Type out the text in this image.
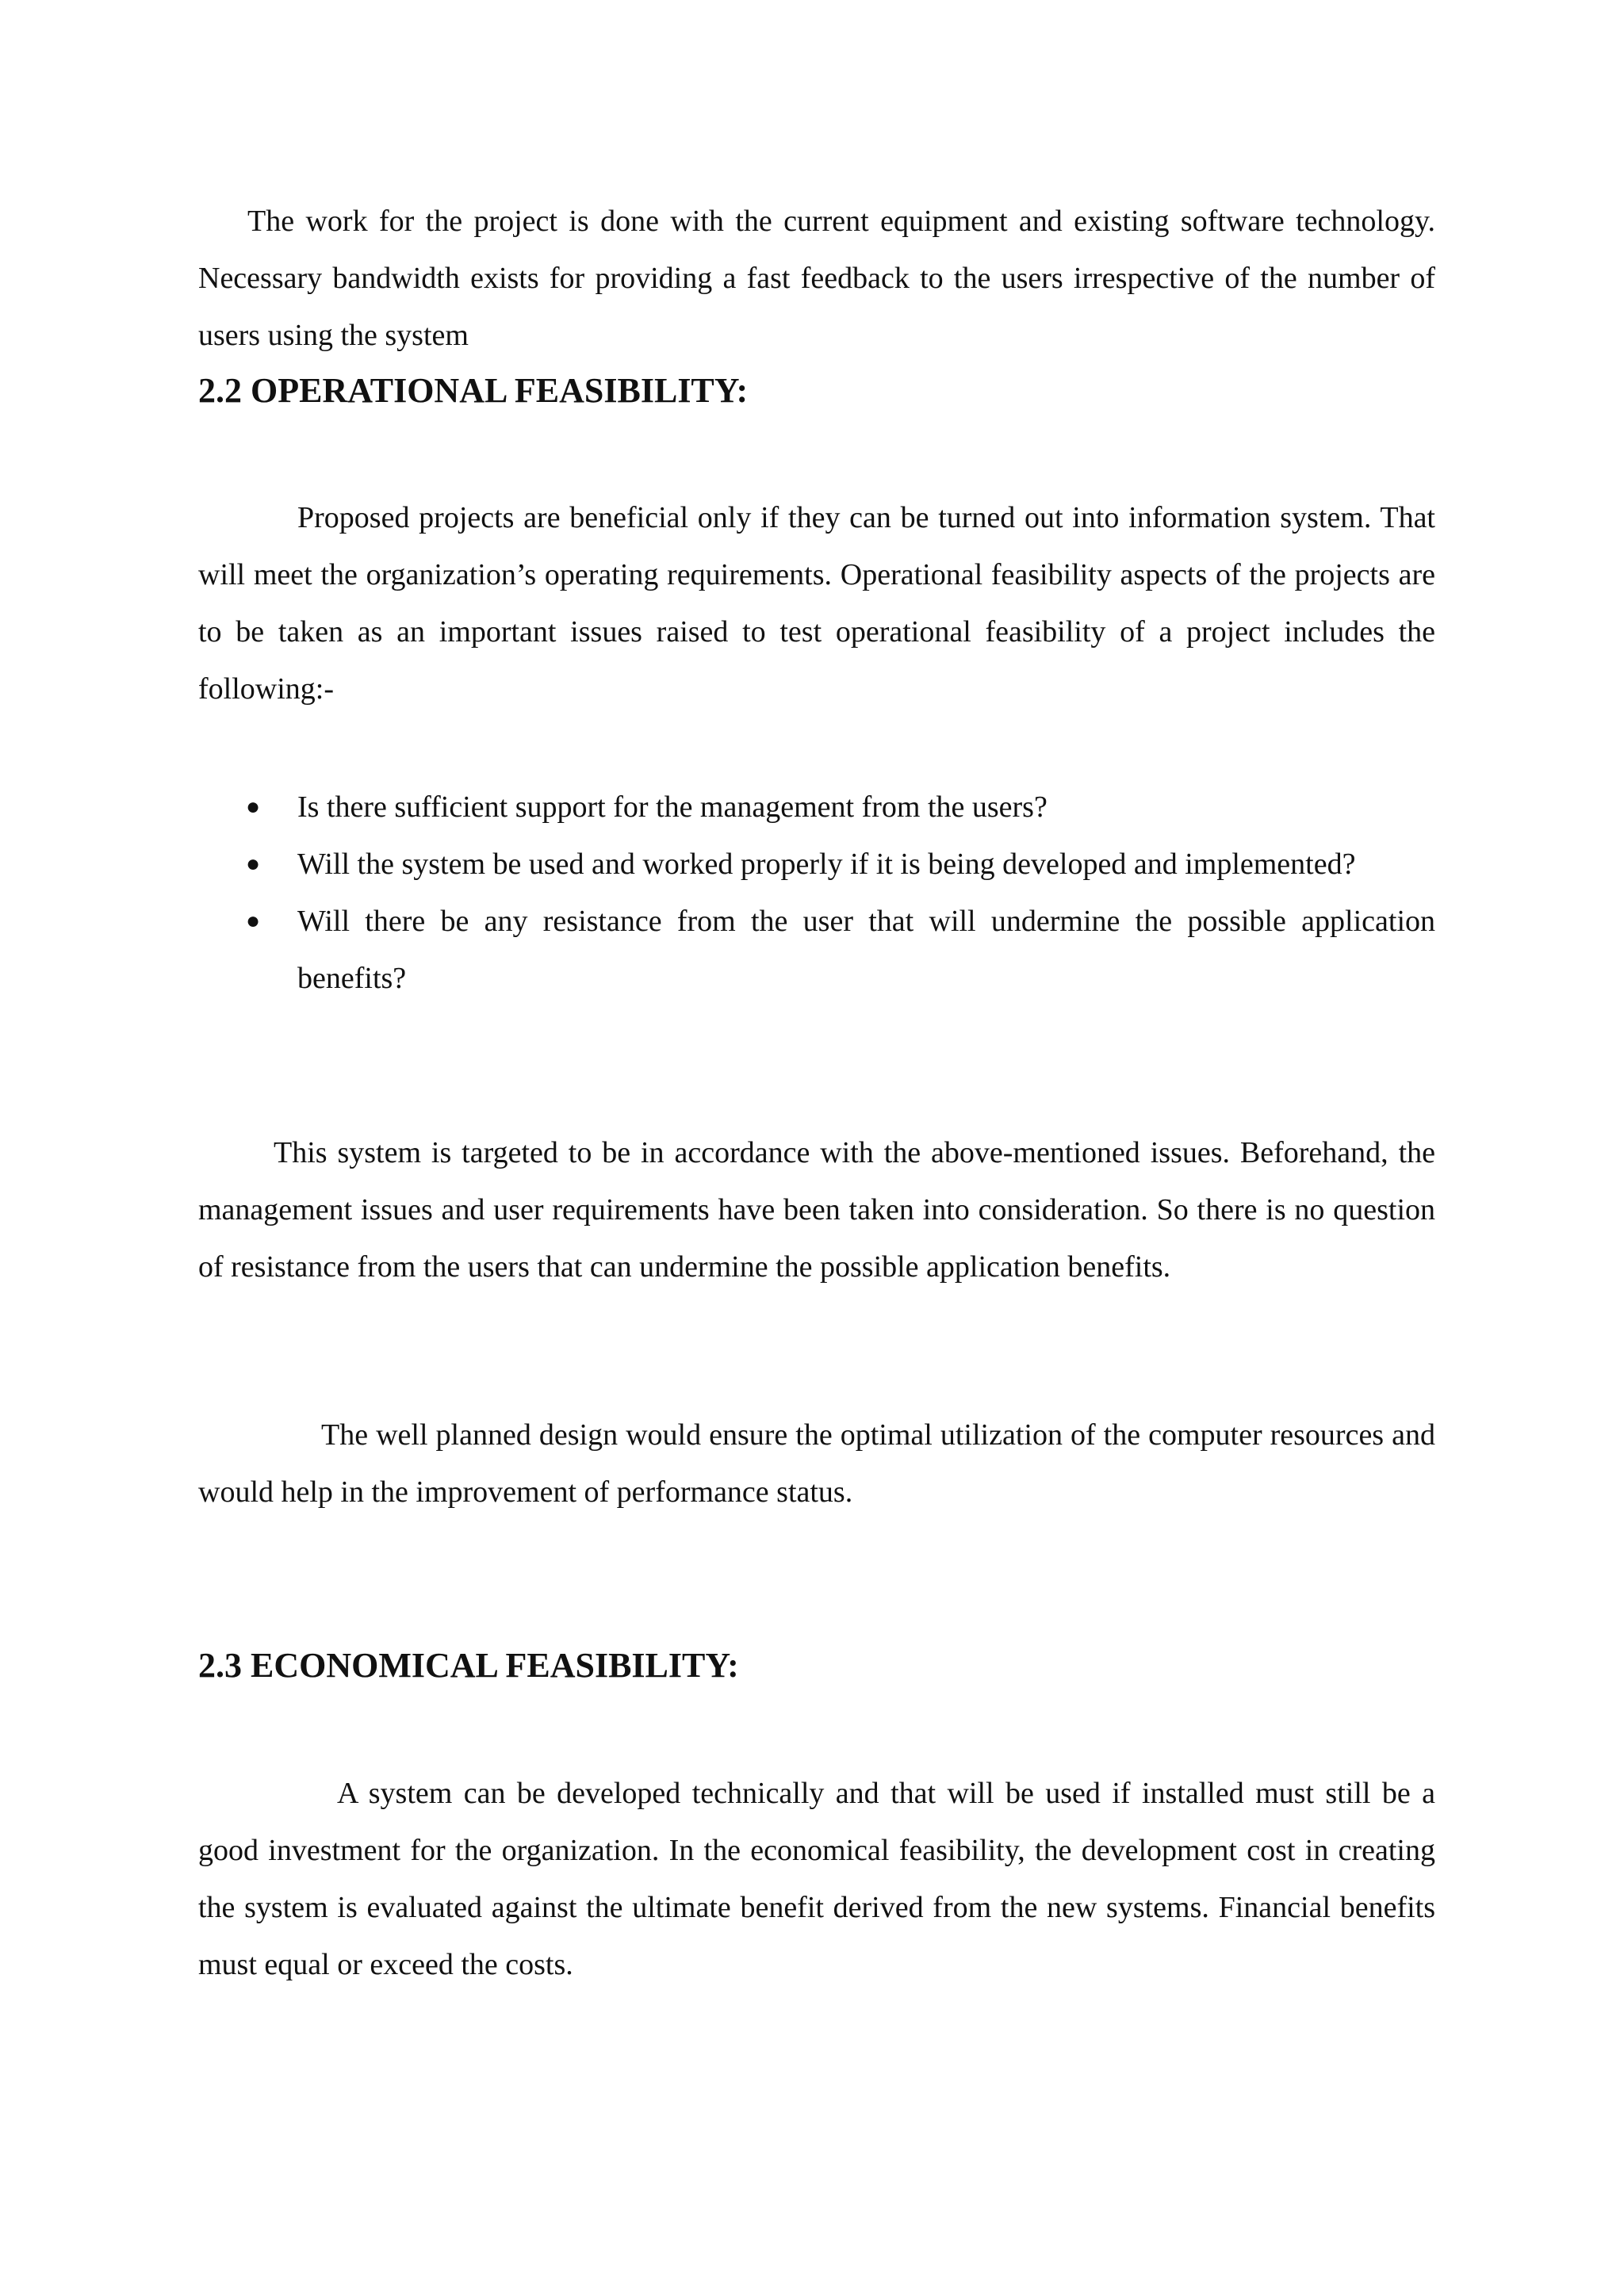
The work for the project is done with the current equipment and existing software technology. Necessary bandwidth exists for providing a fast feedback to the users irrespective of the number of users using the system

2.2 OPERATIONAL FEASIBILITY:

Proposed projects are beneficial only if they can be turned out into information system. That will meet the organization’s operating requirements. Operational feasibility aspects of the projects are to be taken as an important issues raised to test operational feasibility of a project includes the following:-

● Is there sufficient support for the management from the users?
● Will the system be used and worked properly if it is being developed and implemented?
● Will there be any resistance from the user that will undermine the possible application benefits?

This system is targeted to be in accordance with the above-mentioned issues. Beforehand, the management issues and user requirements have been taken into consideration. So there is no question of resistance from the users that can undermine the possible application benefits.

The well planned design would ensure the optimal utilization of the computer resources and would help in the improvement of performance status.

2.3 ECONOMICAL FEASIBILITY:

A system can be developed technically and that will be used if installed must still be a good investment for the organization. In the economical feasibility, the development cost in creating the system is evaluated against the ultimate benefit derived from the new systems. Financial benefits must equal or exceed the costs.
